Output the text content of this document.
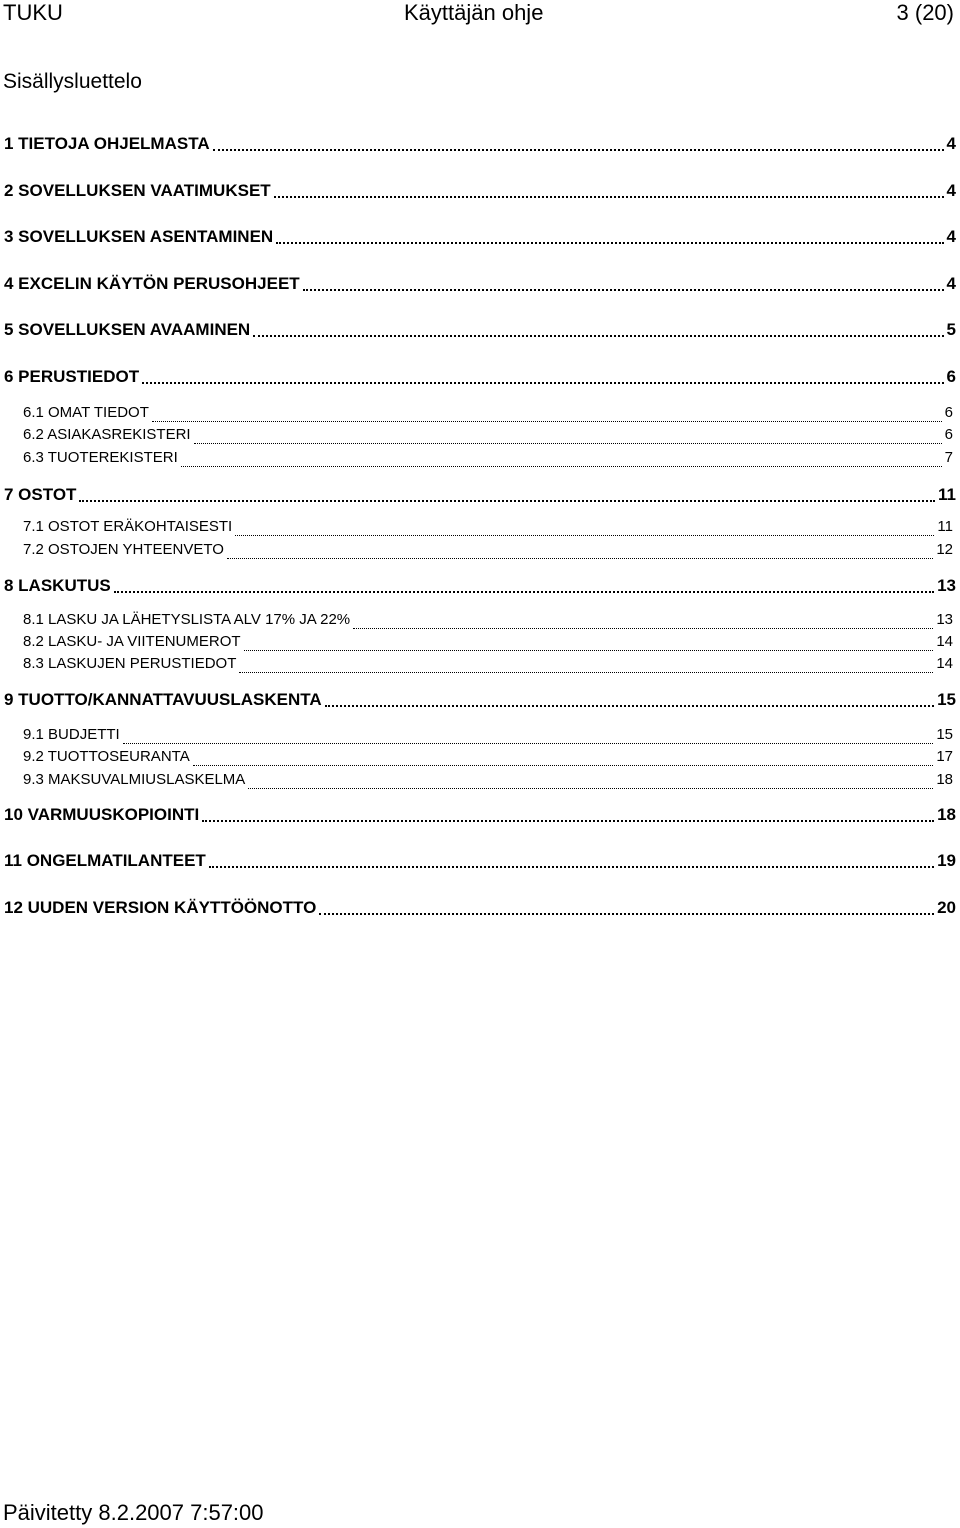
TUKU	Käyttäjän ohje	3 (20)
Sisällysluettelo
1 TIETOJA OHJELMASTA	4
2 SOVELLUKSEN VAATIMUKSET	4
3 SOVELLUKSEN ASENTAMINEN	4
4 EXCELIN KÄYTÖN PERUSOHJEET	4
5 SOVELLUKSEN AVAAMINEN	5
6 PERUSTIEDOT	6
6.1 OMAT TIEDOT	6
6.2 ASIAKASREKISTERI	6
6.3 TUOTEREKISTERI	7
7 OSTOT	11
7.1 OSTOT ERÄKOHTAISESTI	11
7.2 OSTOJEN YHTEENVETO	12
8 LASKUTUS	13
8.1 LASKU JA LÄHETYSLISTA ALV 17% JA 22%	13
8.2 LASKU- JA VIITENUMEROT	14
8.3 LASKUJEN PERUSTIEDOT	14
9 TUOTTO/KANNATTAVUUSLASKENTA	15
9.1 BUDJETTI	15
9.2 TUOTTOSEURANTA	17
9.3 MAKSUVALMIUSLASKELMA	18
10 VARMUUSKOPIOINTI	18
11 ONGELMATILANTEET	19
12 UUDEN VERSION KÄYTTÖÖNOTTO	20
Päivitetty 8.2.2007 7:57:00
